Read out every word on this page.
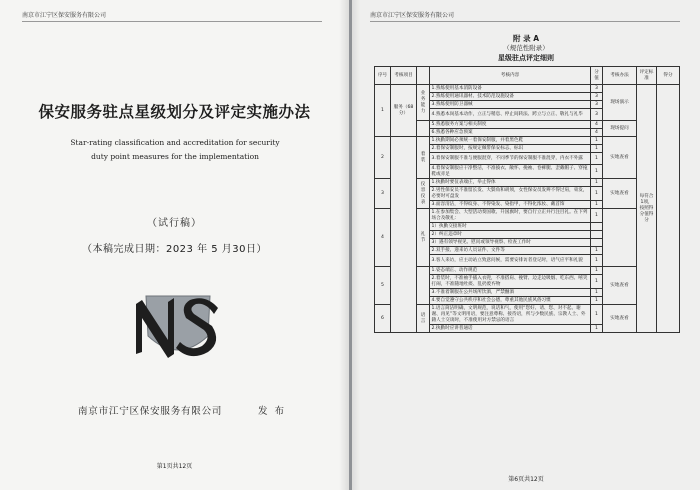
南京市江宁区保安服务有限公司
保安服务驻点星级划分及评定实施办法
Star-rating classification and accreditation for security
duty point measures for the implementation
（试行稿）
（本稿完成日期：2023 年 5 月30日）
南京市江宁区保安服务有限公司	发 布
第1页共12页
南京市江宁区保安服务有限公司
附 录 A
（规范性附录）
星级驻点评定细则
序号	考核项目		考核内容	分值	考核办法	评定标准	得分
1	服务（68 分）	业务能力	1.熟练使用基本消防设备	3	现场演示	每符合1项，按照得分值得分	
			2.熟练使用通讯器材、技术防范设施设备	3			
			3.熟练使用防卫器械	3			
			4.熟悉本岗基本动作，立正与稍息、停止间转法、跨立与立正、敬礼与礼毕	3			
			5.熟悉服务方案与相关制度	4	现场提问		
			6.熟悉各种应急预案	4			
2		着装	1.执勤期间必须统一着保安制服，并着黑色鞋	1	实地查看		
			2.着保安制服时，按规定佩带保安标志、标识	1			
			3.着保安制服不准与便服混穿，不同季节的保安制服不准混穿，内衣不外露	1			
			4.着保安制服应干净整洁，不准披衣、敞怀、挽袖、卷裤腿、歪戴帽子、穿拖鞋或赤足	1			
3		仪容仪表	1.执勤时要仪表端庄，举止得体	1	实地查看		
			2.男性保安员不准留长发、大鬓角和胡须，女性保安员发辫不得过肩，束发，必要时可盘发	1			
			3.面容清洁，不得纹身、不得染发、染指甲，不得化浓妆、戴首饰	1			
4		礼节	1.在参加集会、大型活动奏国歌、升国旗时，要自行立正并行注目礼。在下列场合及敬礼：	1			
			1）执勤交接班时				
			2）纠正违章时				
			3）遇有领导视见、慰问或领导视察、检查工作时				
			2.双手接、递来访人员证件、文件等	1			
			3.客人来访，应主动站立致意问候，需要安排访者登记时，语气应平和礼貌	1			
5			1.姿态端正、动作规范	1	实地查看		
			2.着装时，不准袖手插入衣兜，不准搭肩、挽臂、边走边吸烟、吃东西、嘻笑打闹，不准随地吐痰、乱扔废弃物	1			
			3.不准着制服在公共场所饮酒，严禁酗酒	1			
			4.要自觉遵守公共秩序和社会公德，尊重其他民族风俗习惯	1			
6		语言	1.语言简洁明确，文明规范，说话和气，使用“您好、请、您、对不起、谢谢、再见”等文明用语，要注意尊称、接待语，所与少数民族、宗教人士、外籍人士交谈时，不准使用对方禁忌的语言	1	实地查看		
			2.执勤时应讲普通话	1			
第6页共12页
